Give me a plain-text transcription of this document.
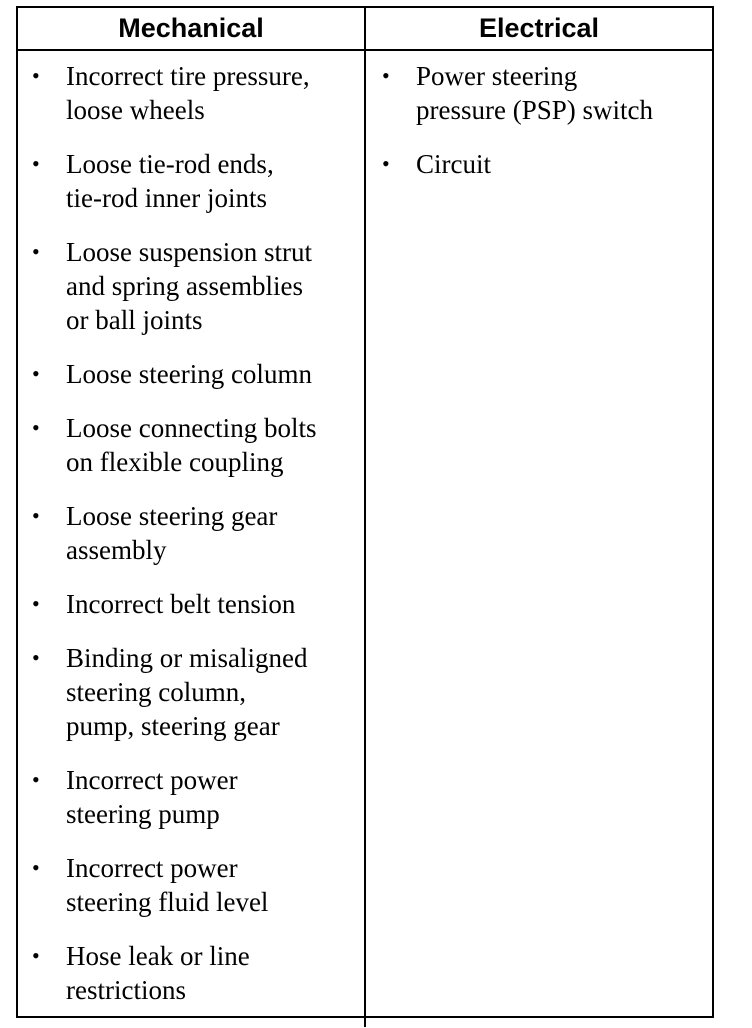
Mechanical	Electrical
• Incorrect tire pressure,
loose wheels
• Loose tie-rod ends,
tie-rod inner joints
• Loose suspension strut
and spring assemblies
or ball joints
• Loose steering column
• Loose connecting bolts
on flexible coupling
• Loose steering gear
assembly
• Incorrect belt tension
• Binding or misaligned
steering column,
pump, steering gear
• Incorrect power
steering pump
• Incorrect power
steering fluid level
• Hose leak or line
restrictions
• Power steering
pressure (PSP) switch
• Circuit
